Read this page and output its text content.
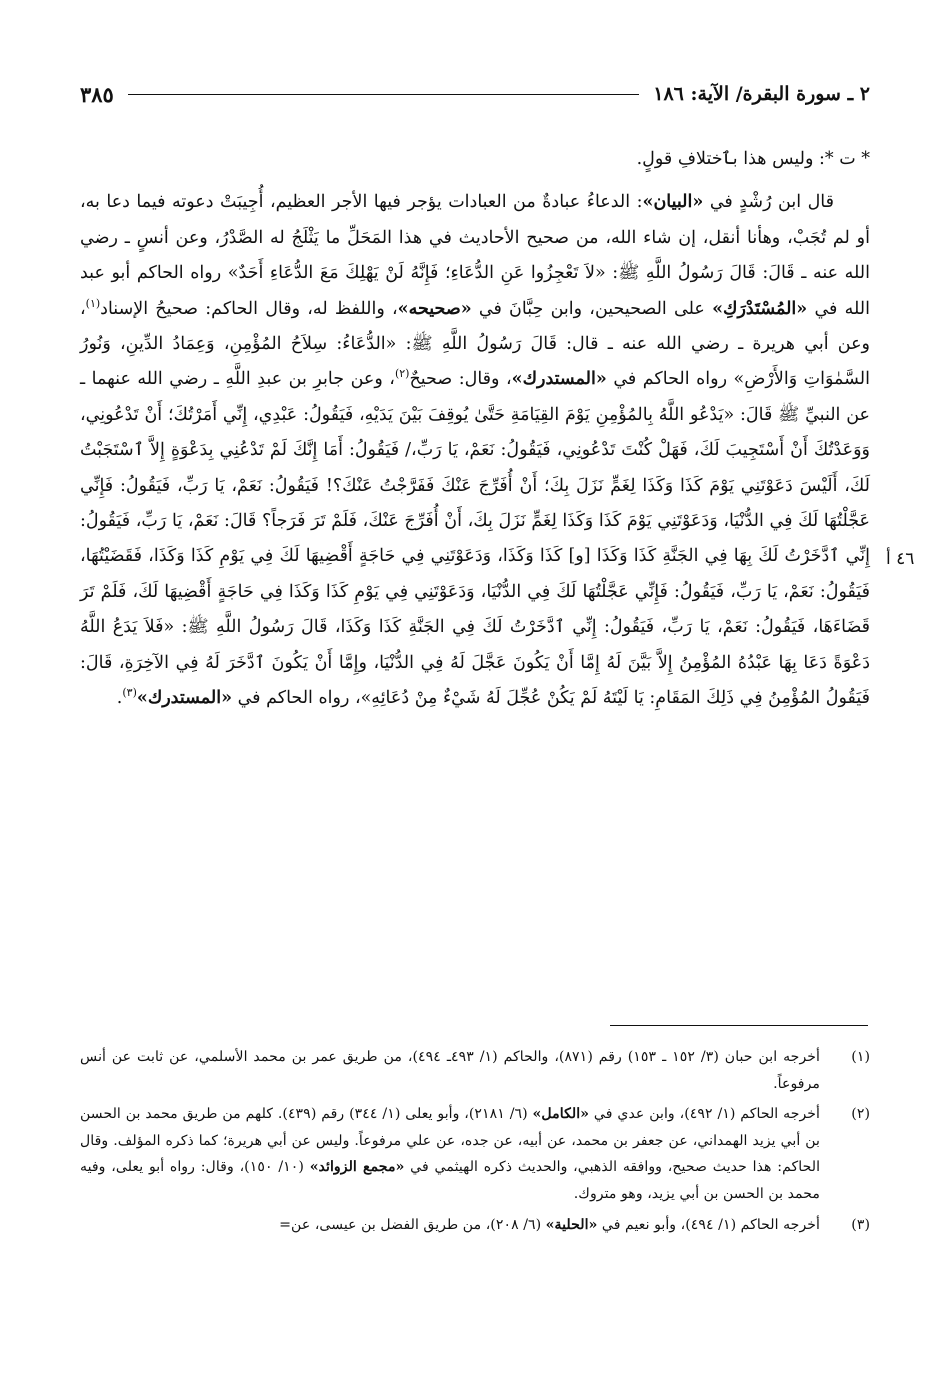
٢ ـ سورة البقرة/ الآية: ١٨٦
٣٨٥

* ت *: وليس هذا بٱختلافِ قولٍ.

قال ابن رُشْدٍ في «البيان»: الدعاءُ عبادةٌ من العبادات يؤجر فيها الأجر العظيم، أُجِيبَتْ دعوته فيما دعا به، أو لم تُجَبْ، وهأنا أنقل، إن شاء الله، من صحيح الأحاديث في هذا المَحَلِّ ما يَثْلَجُ له الصَّدْرُ، وعن أنسٍ ـ رضي الله عنه ـ قَالَ: قَالَ رَسُولُ اللَّهِ ﷺ: «لاَ تَعْجِزُوا عَنِ الدُّعَاءِ؛ فَإِنَّهُ لَنْ يَهْلِكَ مَعَ الدُّعَاءِ أَحَدٌ» رواه الحاكم أبو عبد الله في «المُسْتَدْرَكِ» على الصحيحين، وابن حِبَّانَ في «صحيحه»، واللفظ له، وقال الحاكم: صحيحُ الإسناد$^{(١)}$، وعن أبي هريرة ـ رضي الله عنه ـ قال: قَالَ رَسُولُ اللَّهِ ﷺ: «الدُّعَاءُ: سِلاَحُ المُؤْمِنِ، وَعِمَادُ الدِّينِ، وَنُورُ السَّمٰوَاتِ وَالأَرْضِ» رواه الحاكم في «المستدرك»، وقال: صحيحٌ$^{(٢)}$، وعن جابرِ بن عبدِ اللَّهِ ـ رضي الله عنهما ـ عن النبيِّ ﷺ قَالَ: «يَدْعُو اللَّهُ بِالمُؤْمِنِ يَوْمَ القِيَامَةِ حَتَّىٰ يُوقِفَ بَيْنَ يَدَيْهِ، فَيَقُولُ: عَبْدِي، إِنِّي أَمَرْتُكَ؛ أَنْ تَدْعُونِي، وَوَعَدْتُكَ أَنْ أَسْتَجِيبَ لَكَ، فَهَلْ كُنْتَ تَدْعُونِي، فَيَقُولُ: نَعَمْ، يَا رَبِّ،/ فَيَقُولُ: أَمَا إِنَّكَ لَمْ تَدْعُنِي بِدَعْوَةٍ إِلاَّ ٱسْتَجَبْتُ لَكَ، أَلَيْسَ دَعَوْتَنِي يَوْمَ كَذَا وَكَذَا لِغَمٍّ نَزَلَ بِكَ؛ أَنْ أُفَرِّجَ عَنْكَ فَفَرَّجْتُ عَنْكَ؟! فَيَقُولُ: نَعَمْ، يَا رَبِّ، فَيَقُولُ: فَإِنِّي عَجَّلْتُهَا لَكَ فِي الدُّنْيَا، وَدَعَوْتَنِي يَوْمَ كَذَا وَكَذَا لِغَمٍّ نَزَلَ بِكَ، أَنْ أُفَرِّجَ عَنْكَ، فَلَمْ تَرَ فَرَجاً؟ قَالَ: نَعَمْ، يَا رَبِّ، فَيَقُولُ: إِنِّي ٱدَّخَرْتُ لَكَ بِهَا فِي الجَنَّةِ كَذَا وَكَذَا [و] كَذَا وَكَذَا، وَدَعَوْتَنِي فِي حَاجَةٍ أَقْضِيهَا لَكَ فِي يَوْمِ كَذَا وَكَذَا، فَقَضَيْتُهَا، فَيَقُولُ: نَعَمْ، يَا رَبِّ، فَيَقُولُ: فَإِنِّي عَجَّلْتُهَا لَكَ فِي الدُّنْيَا، وَدَعَوْتَنِي فِي يَوْمِ كَذَا وَكَذَا فِي حَاجَةٍ أَقْضِيهَا لَكَ، فَلَمْ تَرَ قَضَاءَهَا، فَيَقُولُ: نَعَمْ، يَا رَبِّ، فَيَقُولُ: إِنِّي ٱدَّخَرْتُ لَكَ فِي الجَنَّةِ كَذَا وَكَذَا، قَالَ رَسُولُ اللَّهِ ﷺ: «فَلاَ يَدَعُ اللَّهُ دَعْوَةً دَعَا بِهَا عَبْدُهُ المُؤْمِنُ إِلاَّ بَيَّنَ لَهُ إِمَّا أَنْ يَكُونَ عَجَّلَ لَهُ فِي الدُّنْيَا، وإِمَّا أَنْ يَكُونَ ٱدَّخَرَ لَهُ فِي الآخِرَةِ، قَالَ: فَيَقُولُ المُؤْمِنُ فِي ذَلِكَ المَقَامِ: يَا لَيْتَهُ لَمْ يَكُنْ عُجِّلَ لَهُ شَيْءٌ مِنْ دُعَائِهِ»، رواه الحاكم في «المستدرك»$^{(٣)}$.

٤٦ أ
(١)
أخرجه ابن حبان (٣/ ١٥٢ ـ ١٥٣) رقم (٨٧١)، والحاكم (١/ ٤٩٣ـ ٤٩٤)، من طريق عمر بن محمد الأسلمي، عن ثابت عن أنس مرفوعاً.
(٢)
أخرجه الحاكم (١/ ٤٩٢)، وابن عدي في «الكامل» (٦/ ٢١٨١)، وأبو يعلى (١/ ٣٤٤) رقم (٤٣٩). كلهم من طريق محمد بن الحسن بن أبي يزيد الهمداني، عن جعفر بن محمد، عن أبيه، عن جده، عن علي مرفوعاً. وليس عن أبي هريرة؛ كما ذكره المؤلف. وقال الحاكم: هذا حديث صحيح، ووافقه الذهبي، والحديث ذكره الهيثمي في «مجمع الزوائد» (١٠/ ١٥٠)، وقال: رواه أبو يعلى، وفيه محمد بن الحسن بن أبي يزيد، وهو متروك.
(٣)
أخرجه الحاكم (١/ ٤٩٤)، وأبو نعيم في «الحلية» (٦/ ٢٠٨)، من طريق الفضل بن عيسى، عن=
